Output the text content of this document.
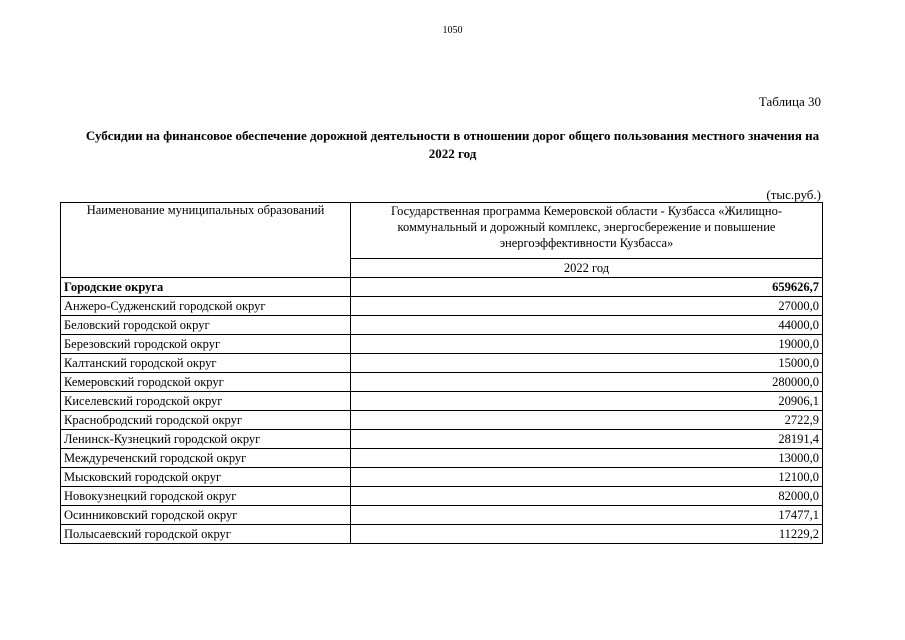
1050
Таблица 30
Субсидии на финансовое обеспечение дорожной деятельности в отношении дорог общего пользования местного значения на 2022 год
(тыс.руб.)
Наименование муниципальных образований	Государственная программа Кемеровской области - Кузбасса «Жилищно-коммунальный и дорожный комплекс, энергосбережение и повышение энергоэффективности Кузбасса»
	2022 год
Городские округа	659626,7
Анжеро-Судженский городской округ	27000,0
Беловский городской округ	44000,0
Березовский городской округ	19000,0
Калтанский городской округ	15000,0
Кемеровский городской округ	280000,0
Киселевский городской округ	20906,1
Краснобродский городской округ	2722,9
Ленинск-Кузнецкий городской округ	28191,4
Междуреченский городской округ	13000,0
Мысковский городской округ	12100,0
Новокузнецкий городской округ	82000,0
Осинниковский городской округ	17477,1
Полысаевский городской округ	11229,2
